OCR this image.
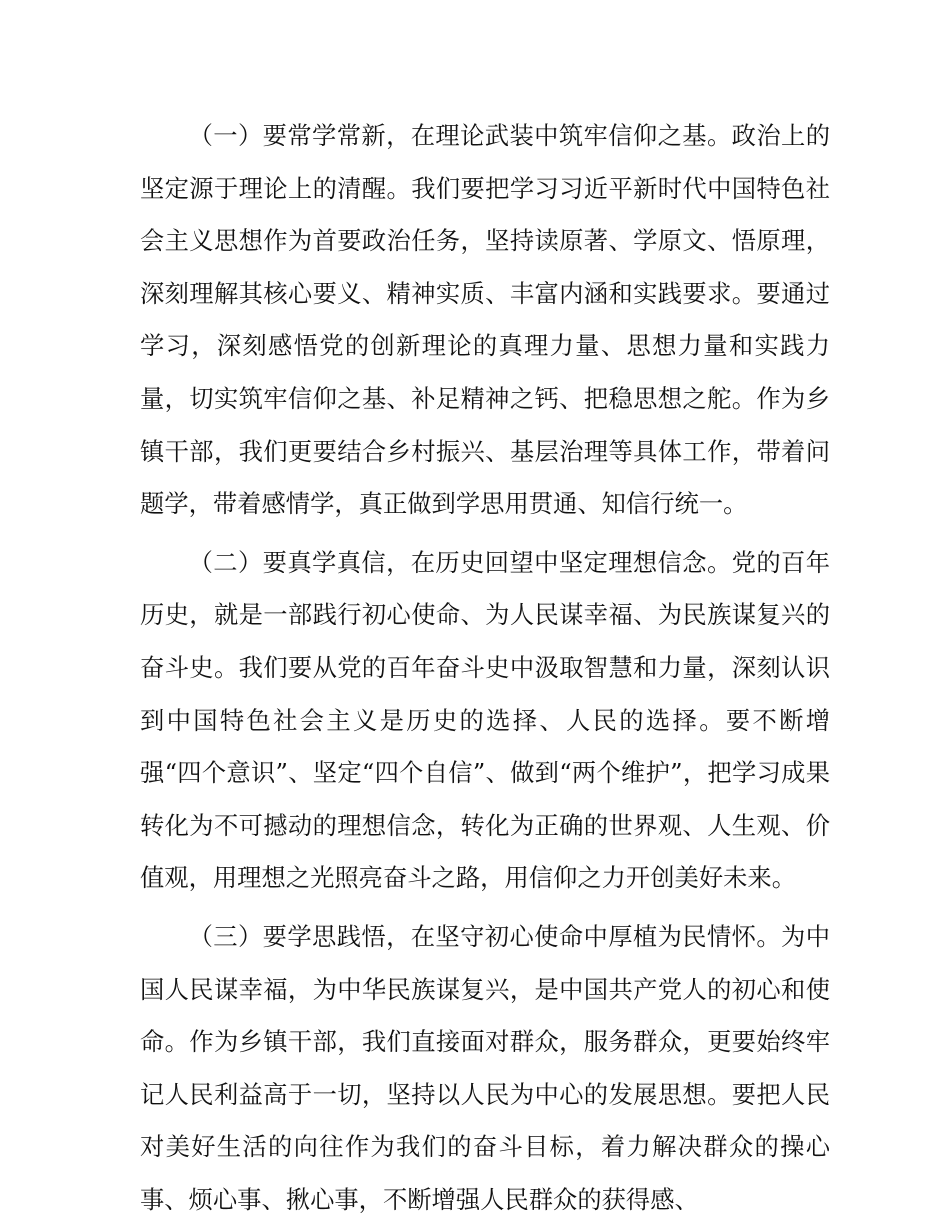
（一）要常学常新，在理论武装中筑牢信仰之基。政治上的坚定源于理论上的清醒。我们要把学习习近平新时代中国特色社会主义思想作为首要政治任务，坚持读原著、学原文、悟原理，深刻理解其核心要义、精神实质、丰富内涵和实践要求。要通过学习，深刻感悟党的创新理论的真理力量、思想力量和实践力量，切实筑牢信仰之基、补足精神之钙、把稳思想之舵。作为乡镇干部，我们更要结合乡村振兴、基层治理等具体工作，带着问题学，带着感情学，真正做到学思用贯通、知信行统一。

（二）要真学真信，在历史回望中坚定理想信念。党的百年历史，就是一部践行初心使命、为人民谋幸福、为民族谋复兴的奋斗史。我们要从党的百年奋斗史中汲取智慧和力量，深刻认识到中国特色社会主义是历史的选择、人民的选择。要不断增强“四个意识”、坚定“四个自信”、做到“两个维护”，把学习成果转化为不可撼动的理想信念，转化为正确的世界观、人生观、价值观，用理想之光照亮奋斗之路，用信仰之力开创美好未来。

（三）要学思践悟，在坚守初心使命中厚植为民情怀。为中国人民谋幸福，为中华民族谋复兴，是中国共产党人的初心和使命。作为乡镇干部，我们直接面对群众，服务群众，更要始终牢记人民利益高于一切，坚持以人民为中心的发展思想。要把人民对美好生活的向往作为我们的奋斗目标，着力解决群众的操心事、烦心事、揪心事，不断增强人民群众的获得感、
